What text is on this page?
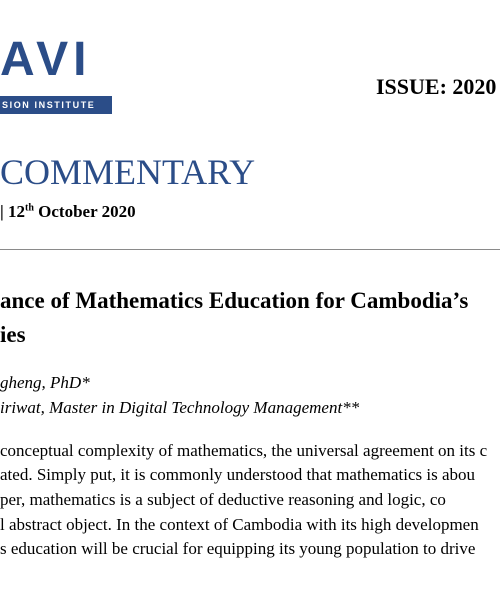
AVI
SION INSTITUTE
ISSUE: 2020
COMMENTARY
| 12th October 2020
ance of Mathematics Education for Cambodia’s
ies
gheng, PhD*
iriwat, Master in Digital Technology Management**
conceptual complexity of mathematics, the universal agreement on its c
ated. Simply put, it is commonly understood that mathematics is abou
per, mathematics is a subject of deductive reasoning and logic, co
l abstract object. In the context of Cambodia with its high developmen
s education will be crucial for equipping its young population to drive
